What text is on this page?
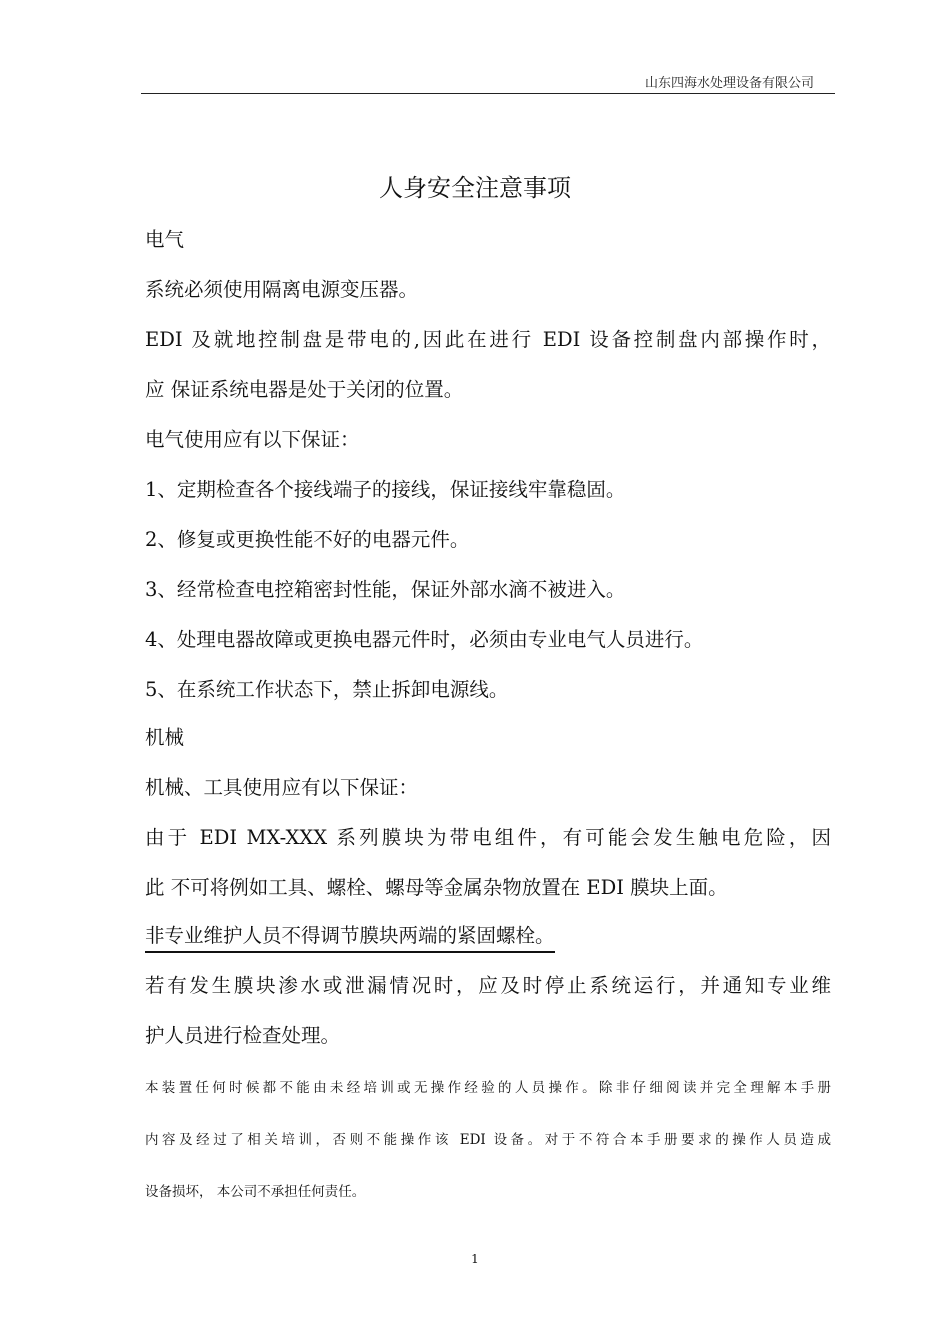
山东四海水处理设备有限公司
人身安全注意事项
电气
系统必须使用隔离电源变压器。
EDI 及就地控制盘是带电的,因此在进行 EDI 设备控制盘内部操作时，
应 保证系统电器是处于关闭的位置。
电气使用应有以下保证：
1、定期检查各个接线端子的接线，保证接线牢靠稳固。
2、修复或更换性能不好的电器元件。
3、经常检查电控箱密封性能，保证外部水滴不被进入。
4、处理电器故障或更换电器元件时，必须由专业电气人员进行。
5、在系统工作状态下，禁止拆卸电源线。
机械
机械、工具使用应有以下保证：
由于 EDI MX-XXX 系列膜块为带电组件，有可能会发生触电危险，因
此 不可将例如工具、螺栓、螺母等金属杂物放置在 EDI 膜块上面。
非专业维护人员不得调节膜块两端的紧固螺栓。
若有发生膜块渗水或泄漏情况时，应及时停止系统运行，并通知专业维
护人员进行检查处理。
本装置任何时候都不能由未经培训或无操作经验的人员操作。除非仔细阅读并完全理解本手册
内容及经过了相关培训，否则不能操作该 EDI 设备。对于不符合本手册要求的操作人员造成
设备损坏， 本公司不承担任何责任。
1
